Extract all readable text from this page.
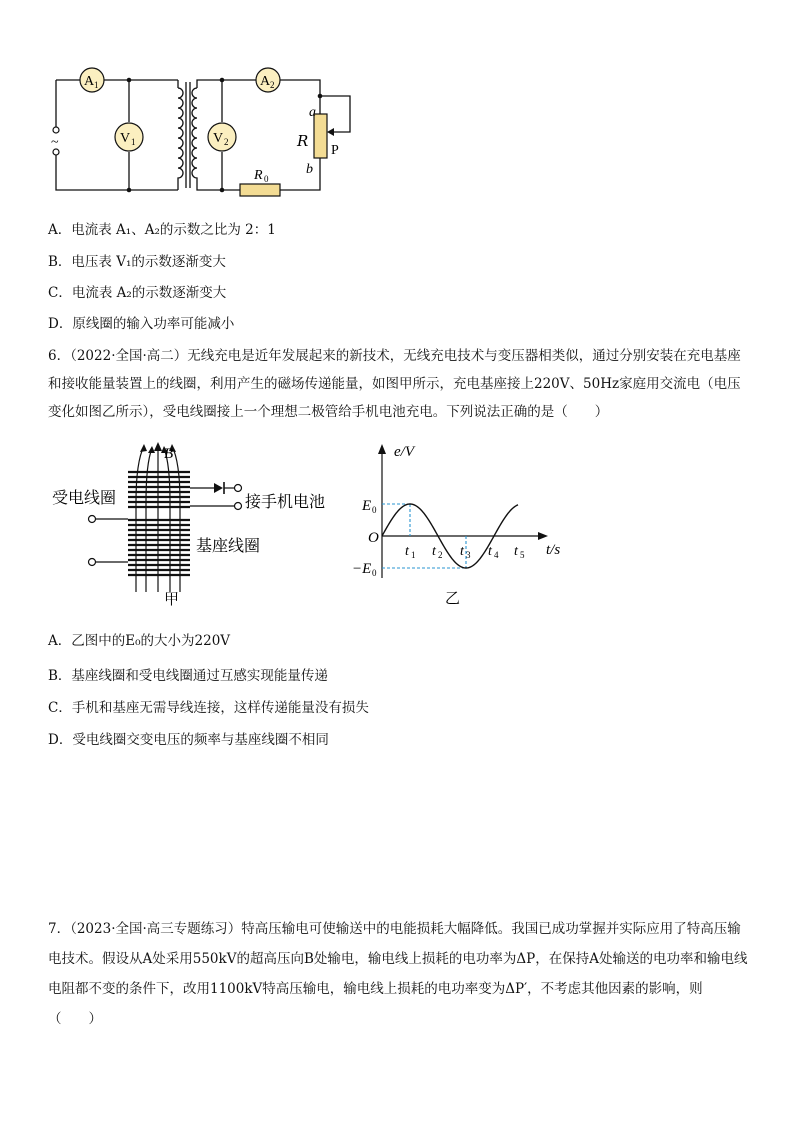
~
A 1
V 1
A 2
V 2	R
a
b
P
R 0
A．电流表 A₁、A₂的示数之比为 2：1
B．电压表 V₁的示数逐渐变大
C．电流表 A₂的示数逐渐变大
D．原线圈的输入功率可能减小
6．（2022·全国·高二）无线充电是近年发展起来的新技术，无线充电技术与变压器相类似，通过分别安装在充电基座和接收能量装置上的线圈，利用产生的磁场传递能量，如图甲所示，充电基座接上220V、50Hz家庭用交流电（电压变化如图乙所示），受电线圈接上一个理想二极管给手机电池充电。下列说法正确的是（　　）
B
受电线圈	接手机电池
基座线圈
甲
e/V
t/s
O
E 0
−E 0
t 1 t 2 t 3 t 4 t 5
乙
A．乙图中的E₀的大小为220V
B．基座线圈和受电线圈通过互感实现能量传递
C．手机和基座无需导线连接，这样传递能量没有损失
D．受电线圈交变电压的频率与基座线圈不相同
7．（2023·全国·高三专题练习）特高压输电可使输送中的电能损耗大幅降低。我国已成功掌握并实际应用了特高压输电技术。假设从A处采用550kV的超高压向B处输电，输电线上损耗的电功率为ΔP，在保持A处输送的电功率和输电线电阻都不变的条件下，改用1100kV特高压输电，输电线上损耗的电功率变为ΔP′，不考虑其他因素的影响，则（　　）
